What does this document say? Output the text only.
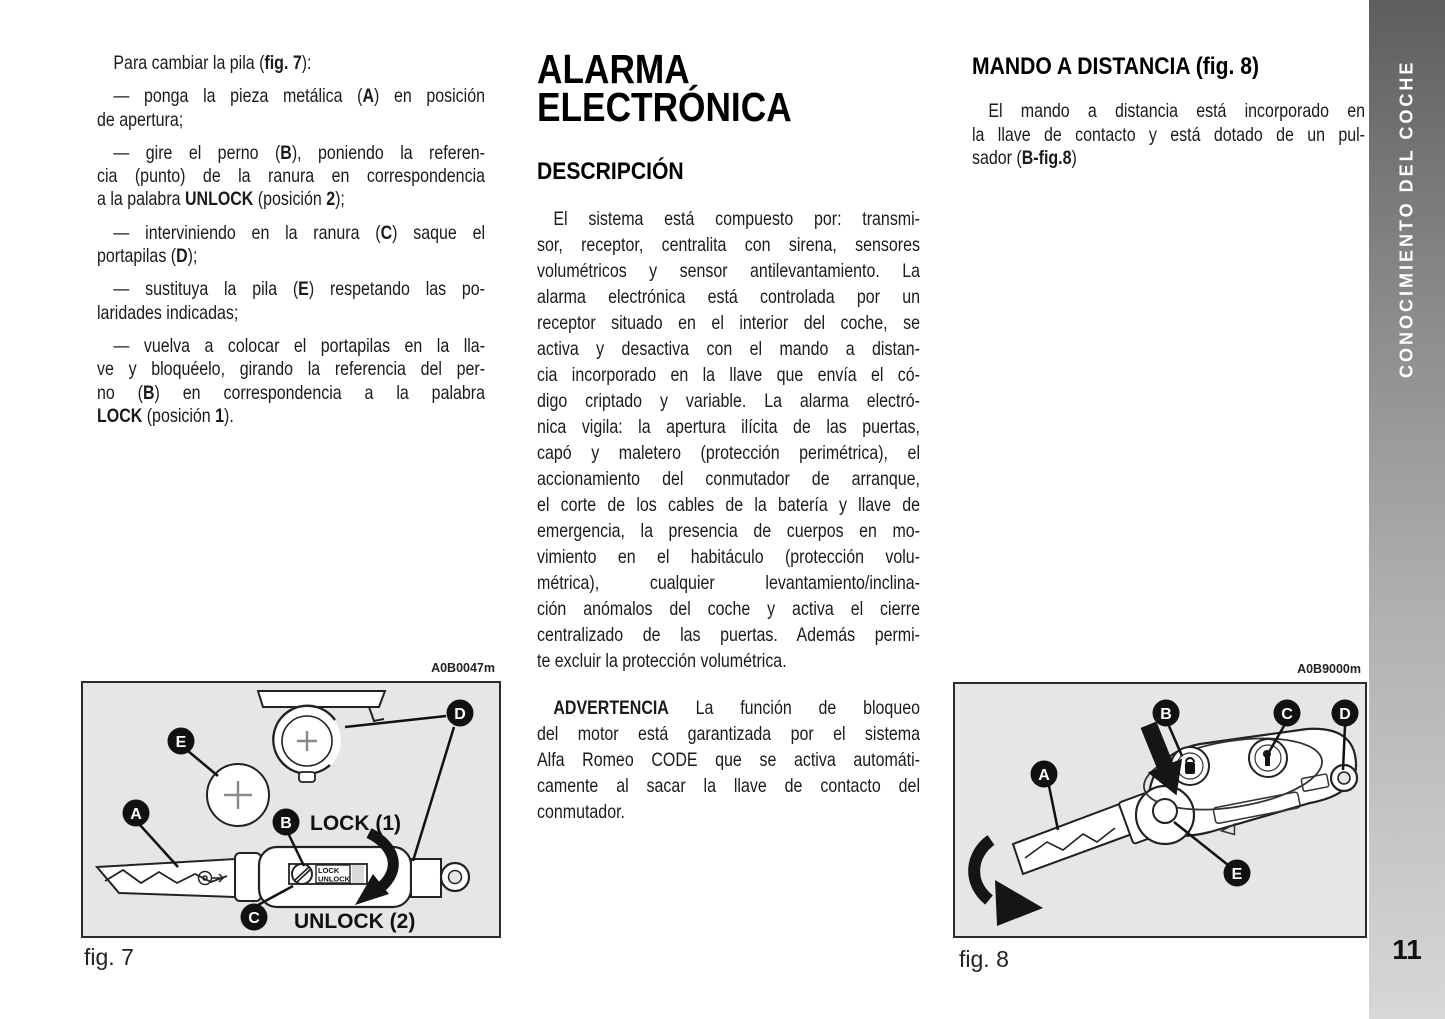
Para cambiar la pila (fig. 7):

— ponga la pieza metálica (A) en posición
de apertura;

— gire el perno (B), poniendo la referen-
cia (punto) de la ranura en correspondencia
a la palabra UNLOCK (posición 2);

— interviniendo en la ranura (C) saque el
portapilas (D);

— sustituya la pila (E) respetando las po-
laridades indicadas;

— vuelva a colocar el portapilas en la lla-
ve y bloquéelo, girando la referencia del per-
no (B) en correspondencia a la palabra
LOCK (posición 1).

ALARMA
ELECTRÓNICA
DESCRIPCIÓN

El sistema está compuesto por: transmi-
sor, receptor, centralita con sirena, sensores
volumétricos y sensor antilevantamiento. La
alarma electrónica está controlada por un
receptor situado en el interior del coche, se
activa y desactiva con el mando a distan-
cia incorporado en la llave que envía el có-
digo criptado y variable. La alarma electró-
nica vigila: la apertura ilícita de las puertas,
capó y maletero (protección perimétrica), el
accionamiento del conmutador de arranque,
el corte de los cables de la batería y llave de
emergencia, la presencia de cuerpos en mo-
vimiento en el habitáculo (protección volu-
métrica), cualquier levantamiento/inclina-
ción anómalos del coche y activa el cierre
centralizado de las puertas. Además permi-
te excluir la protección volumétrica.

ADVERTENCIA La función de bloqueo
del motor está garantizada por el sistema
Alfa Romeo CODE que se activa automáti-
camente al sacar la llave de contacto del
conmutador.

MANDO A DISTANCIA (fig. 8)

El mando a distancia está incorporado en
la llave de contacto y está dotado de un pul-
sador (B-fig.8)

A0B0047m
LOCK
UNLOCK
LOCK (1)
UNLOCK (2)
A
B
C
D
E
fig. 7
A0B9000m
A
B	C	D
E
fig. 8
CONOCIMIENTO DEL COCHE
11
